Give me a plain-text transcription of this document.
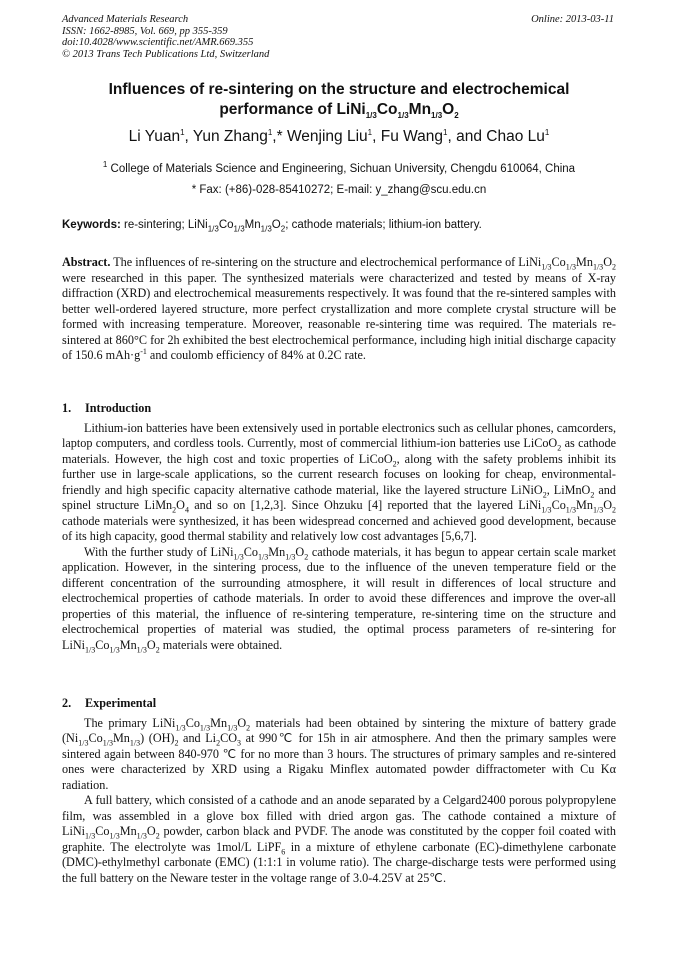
Advanced Materials Research
ISSN: 1662-8985, Vol. 669, pp 355-359
doi:10.4028/www.scientific.net/AMR.669.355
© 2013 Trans Tech Publications Ltd, Switzerland
Online: 2013-03-11
Influences of re-sintering on the structure and electrochemical
performance of $LiNi_{1/3}Co_{1/3}Mn_{1/3}O_2$
Li Yuan$^1$, Yun Zhang$^1$,* Wenjing Liu$^1$, Fu Wang$^1$, and Chao Lu$^1$
$^1$ College of Materials Science and Engineering, Sichuan University, Chengdu 610064, China
* Fax: (+86)-028-85410272; E-mail: y_zhang@scu.edu.cn
Keywords: re-sintering; $LiNi_{1/3}Co_{1/3}Mn_{1/3}O_2$; cathode materials; lithium-ion battery.

Abstract. The influences of re-sintering on the structure and electrochemical performance of $LiNi_{1/3}Co_{1/3}Mn_{1/3}O_2$ were researched in this paper. The synthesized materials were characterized and tested by means of X-ray diffraction (XRD) and electrochemical measurements respectively. It was found that the re-sintered samples with better well-ordered layered structure, more perfect crystallization and more complete crystal structure will be formed with increasing temperature. Moreover, reasonable re-sintering time was required. The materials re-sintered at 860°C for 2h exhibited the best electrochemical performance, including high initial discharge capacity of 150.6 $mAh\cdot g^{-1}$ and coulomb efficiency of 84% at 0.2C rate.

1. Introduction

Lithium-ion batteries have been extensively used in portable electronics such as cellular phones, camcorders, laptop computers, and cordless tools. Currently, most of commercial lithium-ion batteries use LiCoO$_2$ as cathode materials. However, the high cost and toxic properties of LiCoO$_2$, along with the safety problems inhibit its further use in large-scale applications, so the current research focuses on looking for cheap, environmental-friendly and high specific capacity alternative cathode material, like the layered structure LiNiO$_2$, LiMnO$_2$ and spinel structure $LiMn_2O_4$ and so on [1,2,3]. Since Ohzuku [4] reported that the layered $LiNi_{1/3}Co_{1/3}Mn_{1/3}O_2$ cathode materials were synthesized, it has been widespread concerned and achieved good development, because of its high capacity, good thermal stability and relatively low cost advantages [5,6,7].

With the further study of $LiNi_{1/3}Co_{1/3}Mn_{1/3}O_2$ cathode materials, it has begun to appear certain scale market application. However, in the sintering process, due to the influence of the uneven temperature field or the different concentration of the surrounding atmosphere, it will result in differences of local structure and electrochemical properties of cathode materials. In order to avoid these differences and improve the over-all properties of this material, the influence of re-sintering temperature, re-sintering time on the structure and electrochemical properties of material was studied, the optimal process parameters of re-sintering for $LiNi_{1/3}Co_{1/3}Mn_{1/3}O_2$ materials were obtained.

2. Experimental

The primary $LiNi_{1/3}Co_{1/3}Mn_{1/3}O_2$ materials had been obtained by sintering the mixture of battery grade $(Ni_{1/3}Co_{1/3}Mn_{1/3})$ $(OH)_2$ and $Li_2CO_3$ at 990℃ for 15h in air atmosphere. And then the primary samples were sintered again between 840-970 ℃ for no more than 3 hours. The structures of primary samples and re-sintered ones were characterized by XRD using a Rigaku Minflex automated powder diffractometer with Cu Kα radiation.

A full battery, which consisted of a cathode and an anode separated by a Celgard2400 porous polypropylene film, was assembled in a glove box filled with dried argon gas. The cathode contained a mixture of $LiNi_{1/3}Co_{1/3}Mn_{1/3}O_2$ powder, carbon black and PVDF. The anode was constituted by the copper foil coated with graphite. The electrolyte was 1mol/L LiPF$_6$ in a mixture of ethylene carbonate (EC)-dimethylene carbonate (DMC)-ethylmethyl carbonate (EMC) (1:1:1 in volume ratio). The charge-discharge tests were performed using the full battery on the Neware tester in the voltage range of 3.0-4.25V at 25℃.
